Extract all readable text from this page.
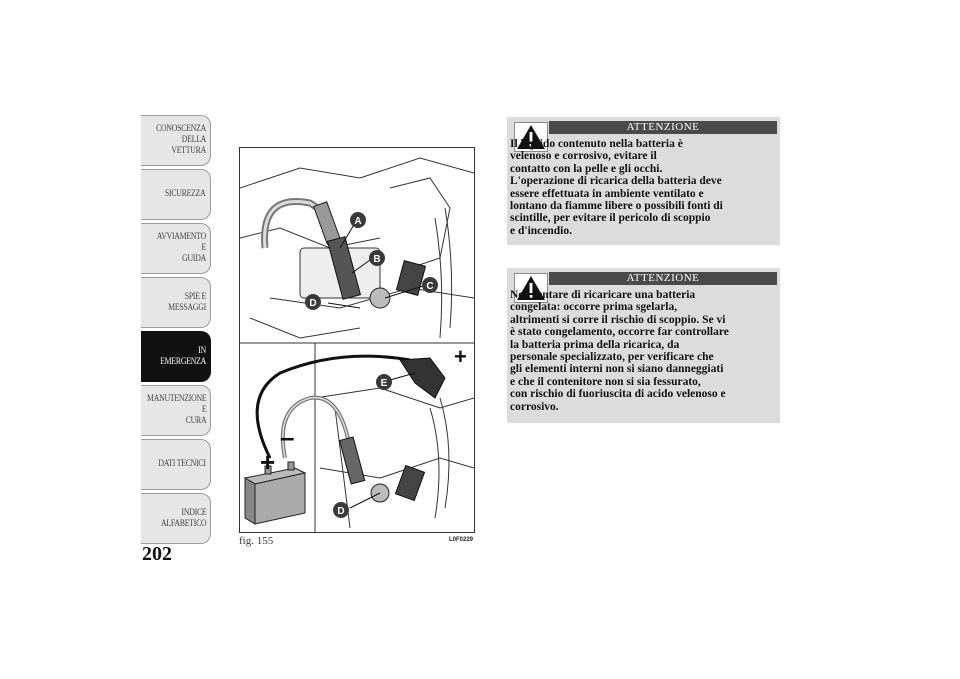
CONOSCENZA
DELLA VETTURA
SICUREZZA
AVVIAMENTO E
GUIDA
SPIE E MESSAGGI
IN EMERGENZA
MANUTENZIONE E
CURA
DATI TECNICI
INDICE
ALFABETICO
202
A
B
C
D
+
–
+
E
D
fig. 155	L0F0229
ATTENZIONE

Il liquido contenuto nella batteria è
velenoso e corrosivo, evitare il
contatto con la pelle e gli occhi.
L'operazione di ricarica della batteria deve
essere effettuata in ambiente ventilato e
lontano da fiamme libere o possibili fonti di
scintille, per evitare il pericolo di scoppio
e d'incendio.

ATTENZIONE

Non tentare di ricaricare una batteria
congelata: occorre prima sgelarla,
altrimenti si corre il rischio di scoppio. Se vi
è stato congelamento, occorre far controllare
la batteria prima della ricarica, da
personale specializzato, per verificare che
gli elementi interni non si siano danneggiati
e che il contenitore non si sia fessurato,
con rischio di fuoriuscita di acido velenoso e
corrosivo.
